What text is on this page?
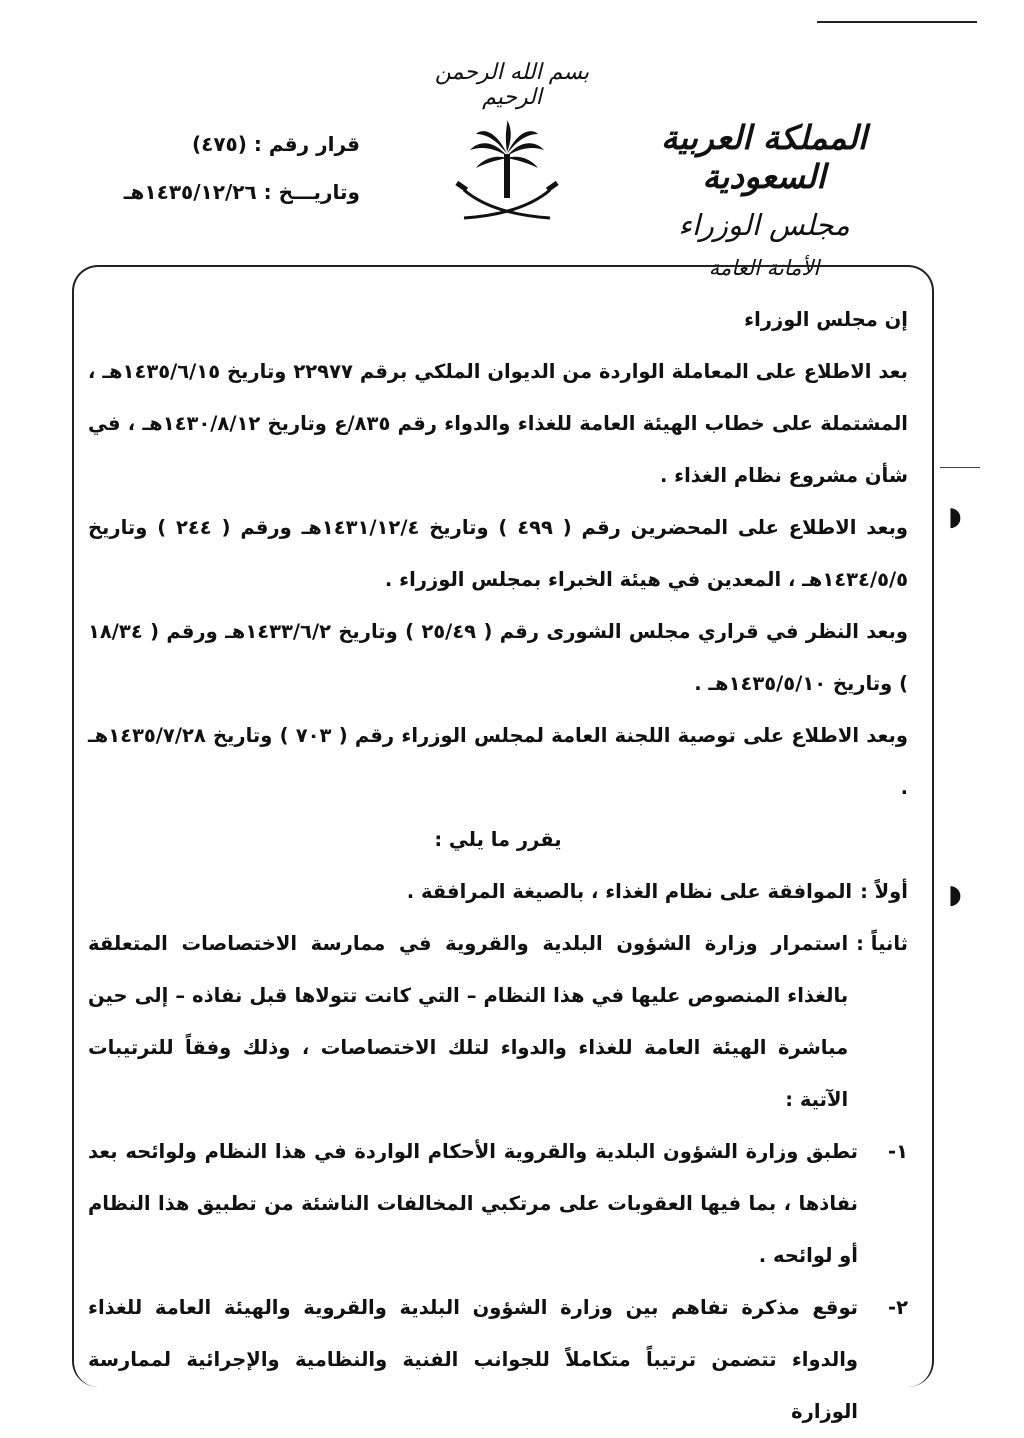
بسم الله الرحمن الرحيم
المملكة العربية السعودية
مجلس الوزراء
الأمانة العامة
قرار رقم : (٤٧٥)
وتاريـــخ : ١٤٣٥/١٢/٢٦هـ
◗
◗

إن مجلس الوزراء

بعد الاطلاع على المعاملة الواردة من الديوان الملكي برقم ٢٢٩٧٧ وتاريخ ١٤٣٥/٦/١٥هـ ، المشتملة على خطاب الهيئة العامة للغذاء والدواء رقم ٨٣٥/ع وتاريخ ١٤٣٠/٨/١٢هـ ، في شأن مشروع نظام الغذاء .

وبعد الاطلاع على المحضرين رقم ( ٤٩٩ ) وتاريخ ١٤٣١/١٢/٤هـ ورقم ( ٢٤٤ ) وتاريخ ١٤٣٤/٥/٥هـ ، المعدين في هيئة الخبراء بمجلس الوزراء .

وبعد النظر في قراري مجلس الشورى رقم ( ٢٥/٤٩ ) وتاريخ ١٤٣٣/٦/٢هـ ورقم ( ١٨/٣٤ ) وتاريخ ١٤٣٥/٥/١٠هـ .

وبعد الاطلاع على توصية اللجنة العامة لمجلس الوزراء رقم ( ٧٠٣ ) وتاريخ ١٤٣٥/٧/٢٨هـ .

يقرر ما يلي :

أولاً :
الموافقة على نظام الغذاء ، بالصيغة المرافقة .
ثانياً :
استمرار وزارة الشؤون البلدية والقروية في ممارسة الاختصاصات المتعلقة بالغذاء المنصوص عليها في هذا النظام – التي كانت تتولاها قبل نفاذه – إلى حين مباشرة الهيئة العامة للغذاء والدواء لتلك الاختصاصات ، وذلك وفقاً للترتيبات الآتية :
١-
تطبق وزارة الشؤون البلدية والقروية الأحكام الواردة في هذا النظام ولوائحه بعد نفاذها ، بما فيها العقوبات على مرتكبي المخالفات الناشئة من تطبيق هذا النظام أو لوائحه .
٢-
توقع مذكرة تفاهم بين وزارة الشؤون البلدية والقروية والهيئة العامة للغذاء والدواء تتضمن ترتيباً متكاملاً للجوانب الفنية والنظامية والإجرائية لممارسة الوزارة
